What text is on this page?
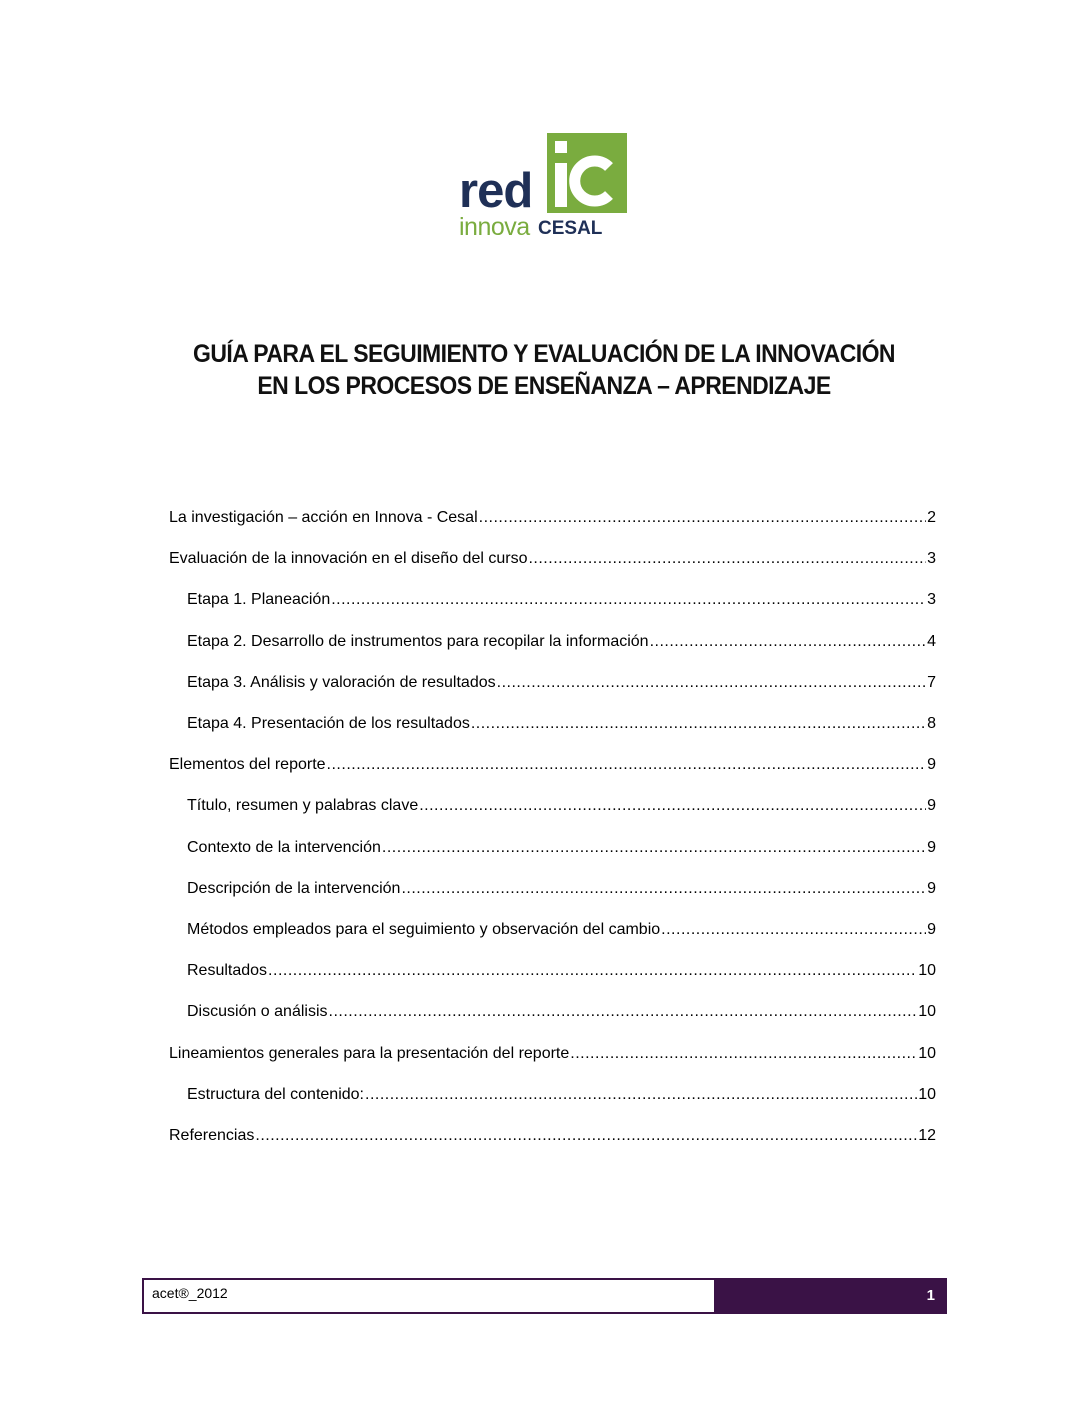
red
innova CESAL
GUÍA PARA EL SEGUIMIENTO Y EVALUACIÓN DE LA INNOVACIÓN
EN LOS PROCESOS DE ENSEÑANZA – APRENDIZAJE
La investigación – acción en Innova - Cesal .....	2
Evaluación de la innovación en el diseño del curso .....	3
Etapa 1. Planeación .....	3
Etapa 2. Desarrollo de instrumentos para recopilar la información .....	4
Etapa 3. Análisis y valoración de resultados .....	7
Etapa 4. Presentación de los resultados .....	8
Elementos del reporte .....	9
Título, resumen y palabras clave .....	9
Contexto de la intervención .....	9
Descripción de la intervención .....	9
Métodos empleados para el seguimiento y observación del cambio .....	9
Resultados .....	10
Discusión o análisis .....	10
Lineamientos generales para la presentación del reporte .....	10
Estructura del contenido: .....	10
Referencias .....	12
acet®_2012	1
